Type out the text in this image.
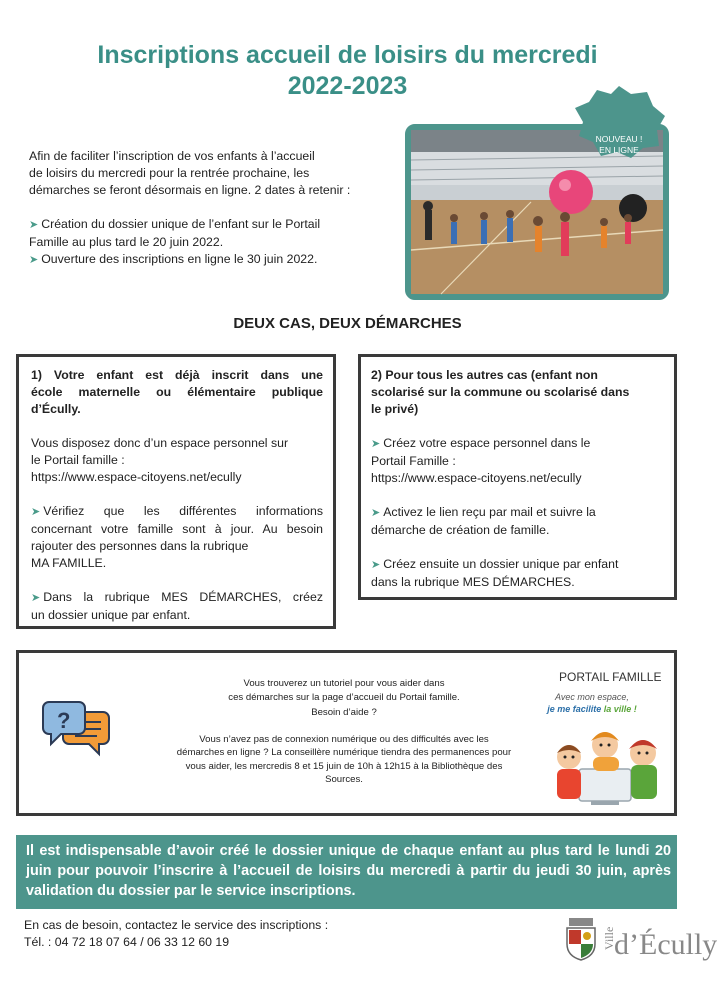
Inscriptions accueil de loisirs du mercredi
2022-2023

Afin de faciliter l’inscription de vos enfants à l’accueil

de loisirs du mercredi pour la rentrée prochaine, les

démarches se feront désormais en ligne. 2 dates à retenir :

➤ Création du dossier unique de l’enfant sur le Portail

Famille au plus tard le 20 juin 2022.

➤ Ouverture des inscriptions en ligne le 30 juin 2022.

NOUVEAU !
EN LIGNE
DEUX CAS, DEUX DÉMARCHES
1) Votre enfant est déjà inscrit dans une
école maternelle ou élémentaire publique
d’Écully.

Vous disposez donc d’un espace personnel sur

le Portail famille :

https://www.espace-citoyens.net/ecully

➤ Vérifiez que les différentes informations

concernant votre famille sont à jour. Au besoin

rajouter des personnes dans la rubrique

MA FAMILLE.

➤ Dans la rubrique MES DÉMARCHES, créez

un dossier unique par enfant.

2) Pour tous les autres cas (enfant non
scolarisé sur la commune ou scolarisé dans
le privé)

➤ Créez votre espace personnel dans le

Portail Famille :

https://www.espace-citoyens.net/ecully

➤ Activez le lien reçu par mail et suivre la

démarche de création de famille.

➤ Créez ensuite un dossier unique par enfant

dans la rubrique MES DÉMARCHES.

?
Vous trouverez un tutoriel pour vous aider dans
ces démarches sur la page d’accueil du Portail famille.
Besoin d’aide ?
Vous n’avez pas de connexion numérique ou des difficultés avec les
démarches en ligne ? La conseillère numérique tiendra des permanences pour
vous aider, les mercredis 8 et 15 juin de 10h à 12h15 à la Bibliothèque des
Sources.
PORTAIL FAMILLE
Avec mon espace,
je me facilite la ville !
Il est indispensable d’avoir créé le dossier unique de chaque enfant au plus tard le lundi 20 juin pour pouvoir l’inscrire à l’accueil de loisirs du mercredi à partir du jeudi 30 juin, après validation du dossier par le service inscriptions.
En cas de besoin, contactez le service des inscriptions :
Tél. : 04 72 18 07 64 / 06 33 12 60 19	Ville
d’Écully
